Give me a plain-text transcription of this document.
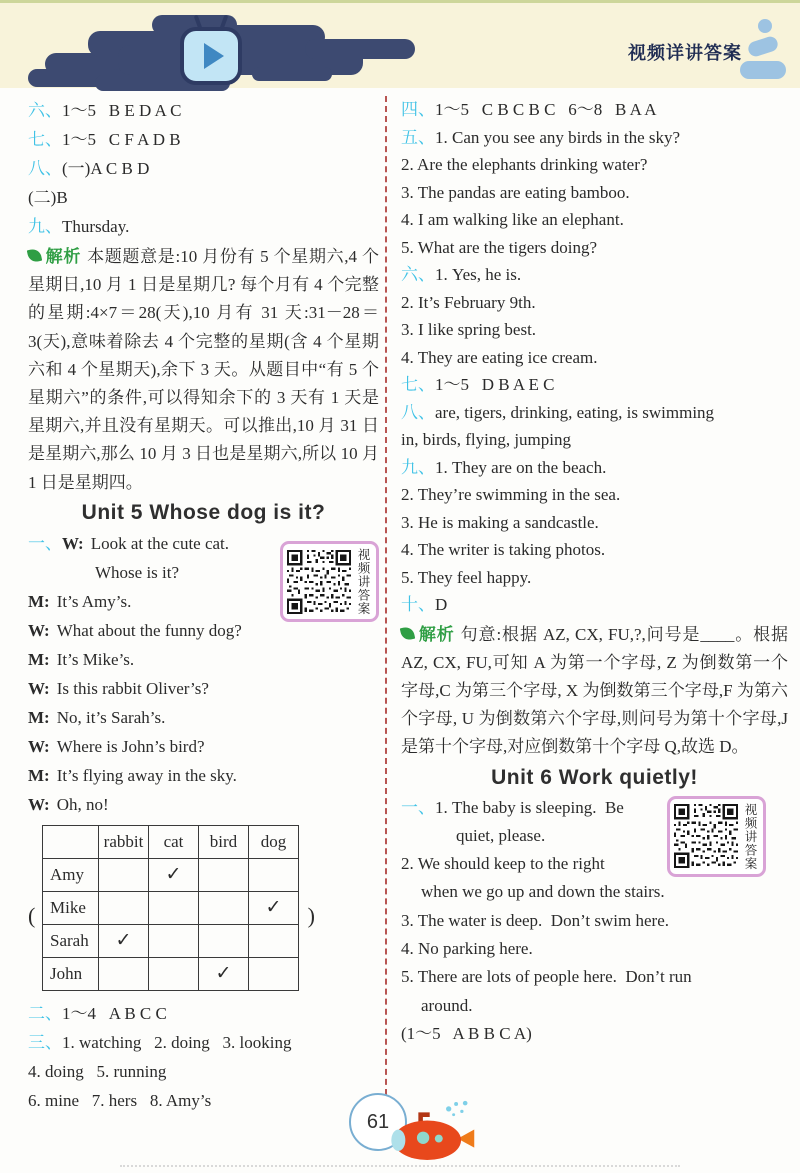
视频详讲答案
六、1～5   B E D A C
七、1～5   C F A D B
八、(一)A C B D
(二)B
九、Thursday.

解析 本题题意是:10 月份有 5 个星期六,4 个星期日,10 月 1 日是星期几? 每个月有 4 个完整的星期:4×7＝28(天),10 月有 31 天:31－28＝3(天),意味着除去 4 个完整的星期(含 4 个星期六和 4 个星期天),余下 3 天。从题目中“有 5 个星期六”的条件,可以得知余下的 3 天有 1 天是星期六,并且没有星期天。可以推出,10 月 31 日是星期六,那么 10 月 3 日也是星期六,所以 10 月 1 日是星期四。

Unit 5 Whose dog is it?
视频讲答案
一、W: Look at the cute cat.
Whose is it?
M: It’s Amy’s.
W: What about the funny dog?
M: It’s Mike’s.
W: Is this rabbit Oliver’s?
M: No, it’s Sarah’s.
W: Where is John’s bird?
M: It’s flying away in the sky.
W: Oh, no!
(	)
	rabbit	cat	bird	dog
Amy		✓		
Mike				✓
Sarah	✓			
John			✓	
二、1～4   A B C C
三、1. watching   2. doing   3. looking
4. doing   5. running
6. mine   7. hers   8. Amy’s
四、1～5   C B C B C   6～8   B A A
五、1. Can you see any birds in the sky?
2. Are the elephants drinking water?
3. The pandas are eating bamboo.
4. I am walking like an elephant.
5. What are the tigers doing?
六、1. Yes, he is.
2. It’s February 9th.
3. I like spring best.
4. They are eating ice cream.
七、1～5   D B A E C
八、are, tigers, drinking, eating, is swimming
in, birds, flying, jumping
九、1. They are on the beach.
2. They’re swimming in the sea.
3. He is making a sandcastle.
4. The writer is taking photos.
5. They feel happy.
十、D

解析 句意:根据 AZ, CX, FU,?,问号是____。根据 AZ, CX, FU,可知 A 为第一个字母, Z 为倒数第一个字母,C 为第三个字母, X 为倒数第三个字母,F 为第六个字母, U 为倒数第六个字母,则问号为第十个字母,J 是第十个字母,对应倒数第十个字母 Q,故选 D。

Unit 6 Work quietly!
视频讲答案
一、1. The baby is sleeping.  Be
quiet, please.
2. We should keep to the right
when we go up and down the stairs.
3. The water is deep.  Don’t swim here.
4. No parking here.
5. There are lots of people here.  Don’t run
around.
(1～5   A B B C A)
61
